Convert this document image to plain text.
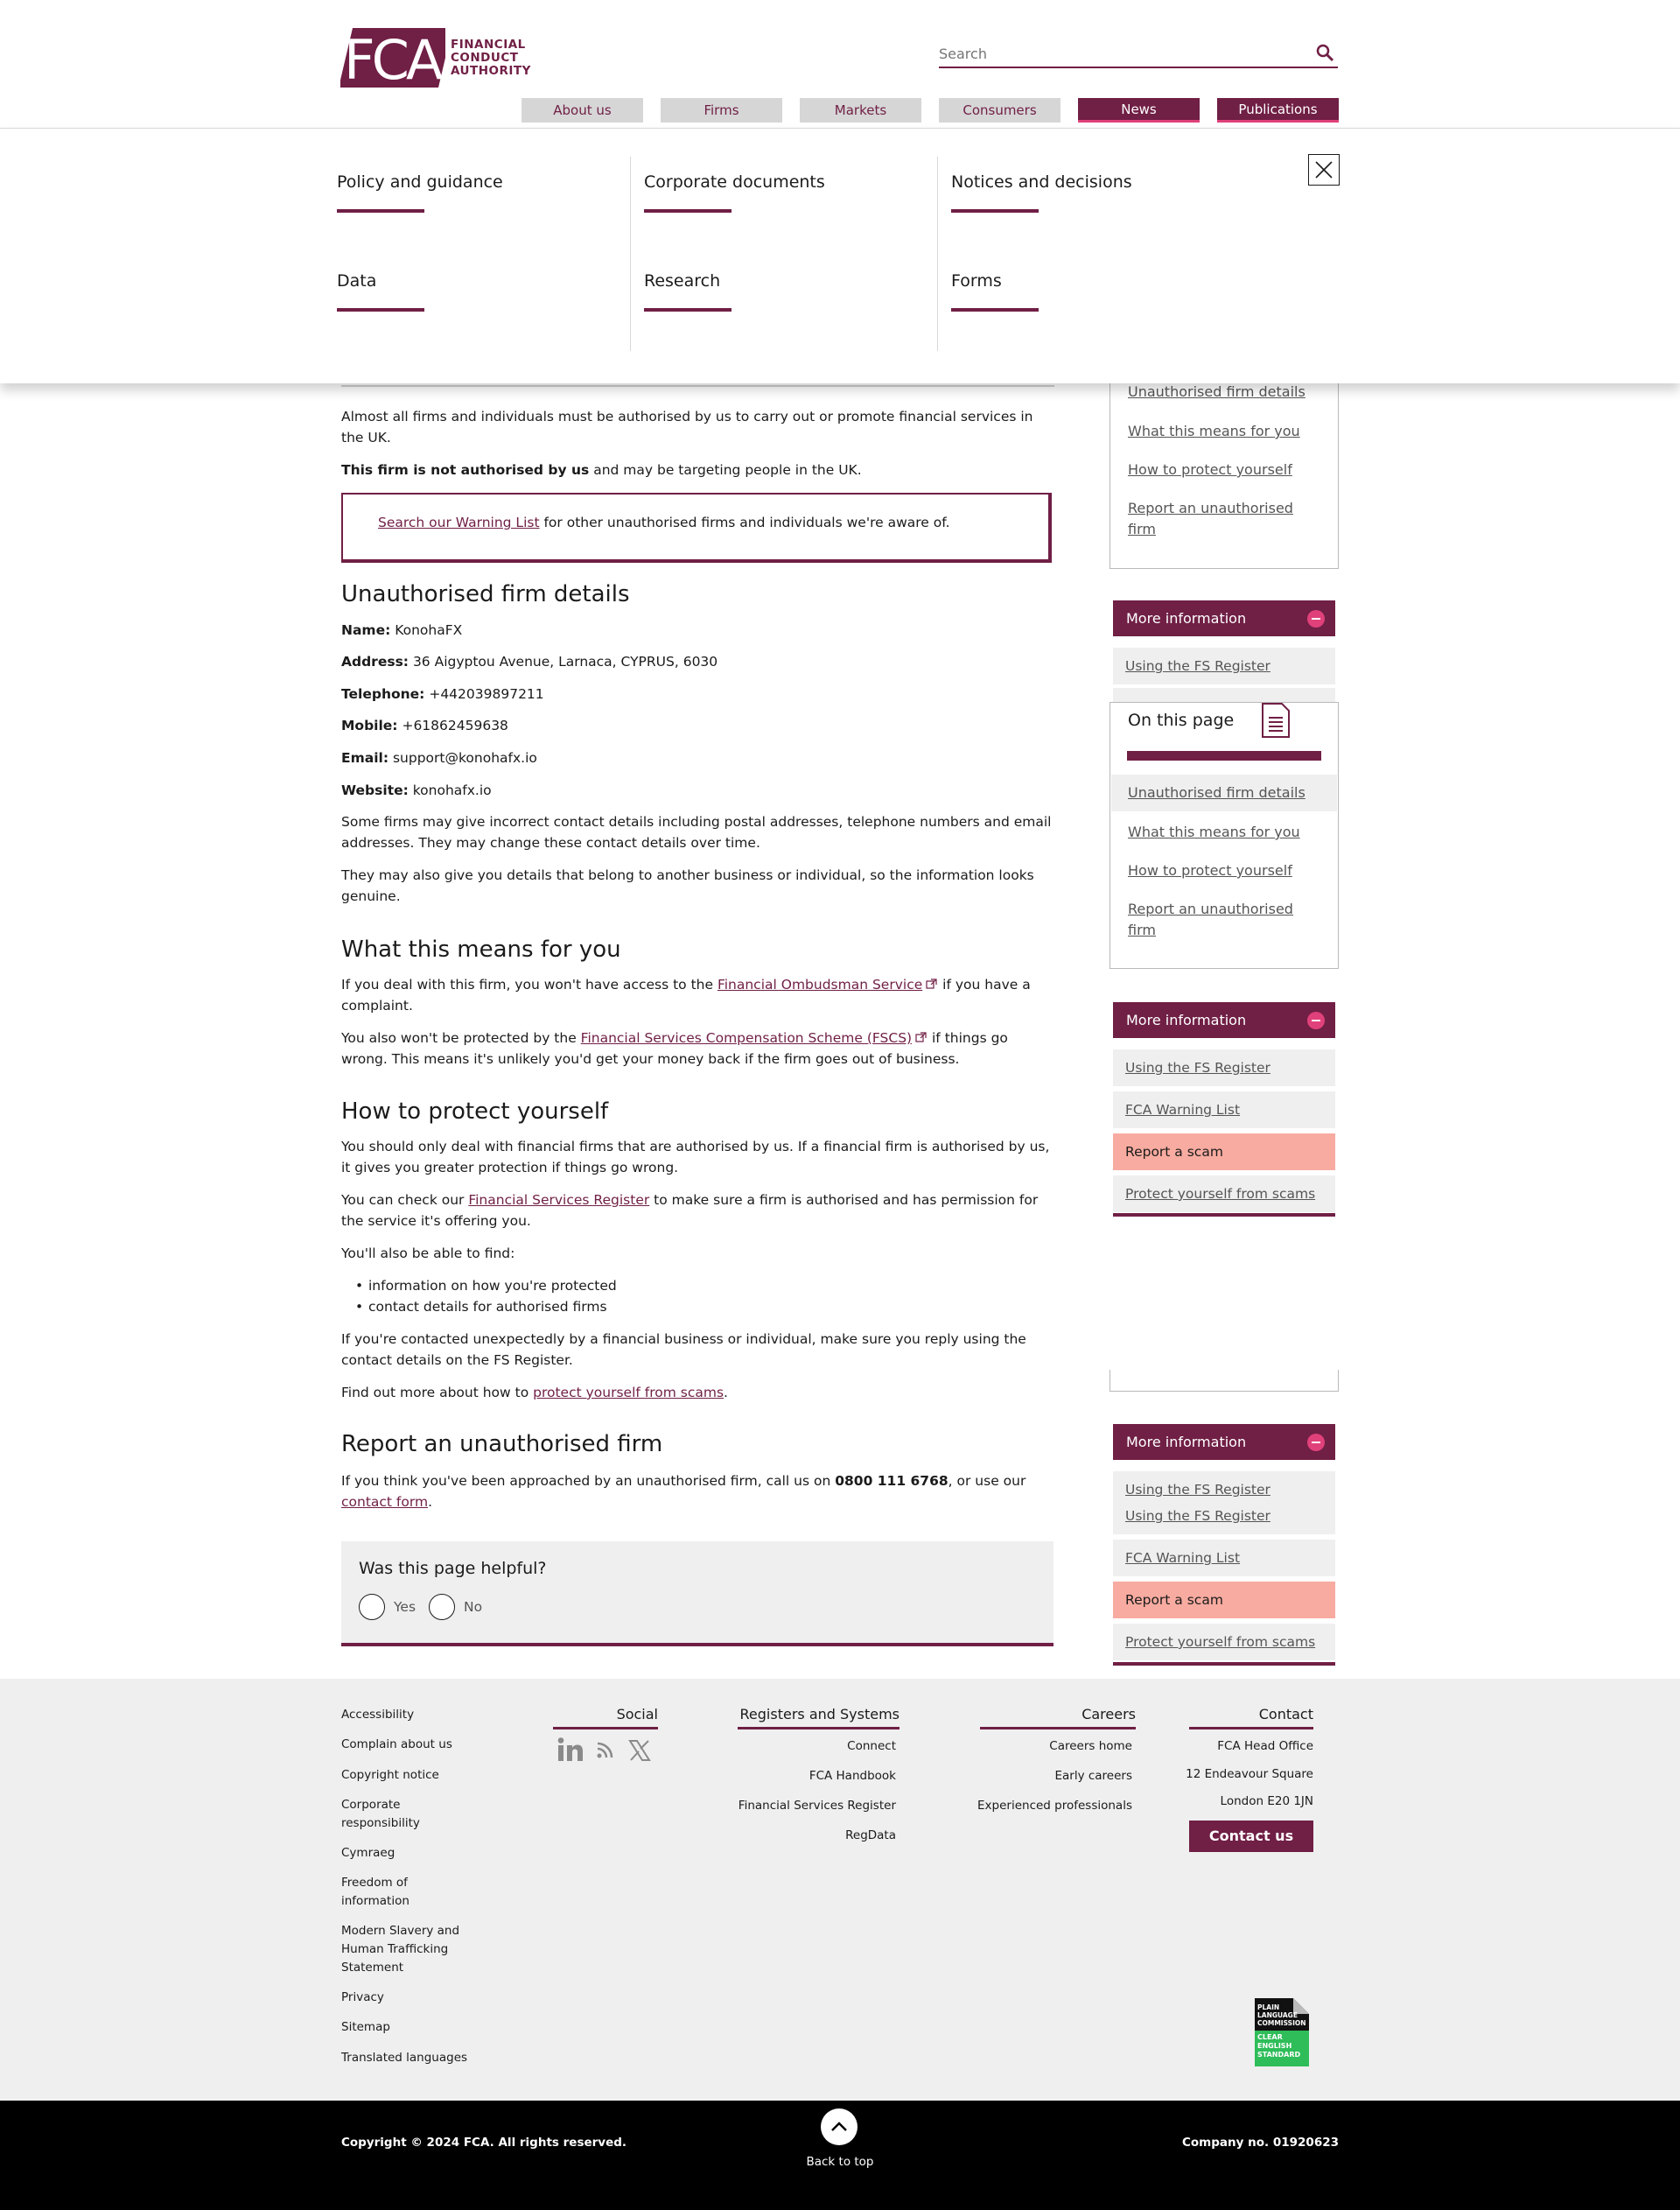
FCA FINANCIAL
CONDUCT
AUTHORITY
Search
About us	Firms	Markets	Consumers	News	Publications
Policy and guidance	Corporate documents	Notices and decisions
Data	Research	Forms
Almost all firms and individuals must be authorised by us to carry out or promote financial services in the UK.
This firm is not authorised by us and may be targeting people in the UK.
Search our Warning List for other unauthorised firms and individuals we're aware of.
Unauthorised firm details
Name: KonohaFX
Address: 36 Aigyptou Avenue, Larnaca, CYPRUS, 6030
Telephone: +442039897211
Mobile: +61862459638
Email: support@konohafx.io
Website: konohafx.io
Some firms may give incorrect contact details including postal addresses, telephone numbers and email addresses. They may change these contact details over time.
They may also give you details that belong to another business or individual, so the information looks genuine.
What this means for you
If you deal with this firm, you won't have access to the Financial Ombudsman Service if you have a complaint.
You also won't be protected by the Financial Services Compensation Scheme (FSCS) if things go wrong. This means it's unlikely you'd get your money back if the firm goes out of business.
How to protect yourself
You should only deal with financial firms that are authorised by us. If a financial firm is authorised by us, it gives you greater protection if things go wrong.
You can check our Financial Services Register to make sure a firm is authorised and has permission for the service it's offering you.
You'll also be able to find:
• information on how you're protected
• contact details for authorised firms
If you're contacted unexpectedly by a financial business or individual, make sure you reply using the contact details on the FS Register.
Find out more about how to protect yourself from scams.
Report an unauthorised firm
If you think you've been approached by an unauthorised firm, call us on 0800 111 6768, or use our contact form.
Was this page helpful?
Yes	No
Unauthorised firm details
What this means for you
How to protect yourself
Report an unauthorised firm
More information
Using the FS Register
On this page
Unauthorised firm details
What this means for you
How to protect yourself
Report an unauthorised firm
More information
Using the FS Register
FCA Warning List
Report a scam
Protect yourself from scams
More information
Using the FS Register
Using the FS Register
FCA Warning List
Report a scam
Protect yourself from scams
Accessibility
Complain about us
Copyright notice
Corporate responsibility
Cymraeg
Freedom of information
Modern Slavery and Human Trafficking Statement
Privacy
Sitemap
Translated languages
Social	Registers and Systems
Connect
FCA Handbook
Financial Services Register
RegData
Careers
Careers home
Early careers
Experienced professionals
Contact
FCA Head Office
12 Endeavour Square
London E20 1JN
Contact us
PLAIN
LANGUAGE
COMMISSION
CLEAR
ENGLISH
STANDARD
Copyright © 2024 FCA. All rights reserved.
Back to top
Company no. 01920623
